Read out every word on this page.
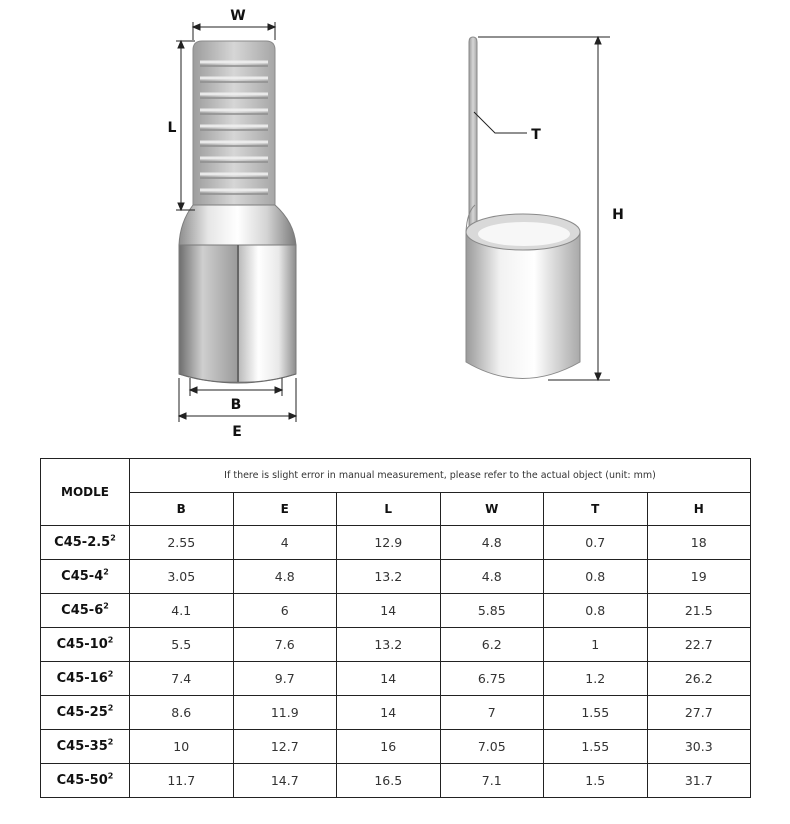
W
L
B
E
T
H
MODLE	If there is slight error in manual measurement, please refer to the actual object (unit: mm)					
	B	E	L	W	T	H
$C45-2.5^2$	2.55	4	12.9	4.8	0.7	18
$C45-4^2$	3.05	4.8	13.2	4.8	0.8	19
$C45-6^2$	4.1	6	14	5.85	0.8	21.5
$C45-10^2$	5.5	7.6	13.2	6.2	1	22.7
$C45-16^2$	7.4	9.7	14	6.75	1.2	26.2
$C45-25^2$	8.6	11.9	14	7	1.55	27.7
$C45-35^2$	10	12.7	16	7.05	1.55	30.3
$C45-50^2$	11.7	14.7	16.5	7.1	1.5	31.7
